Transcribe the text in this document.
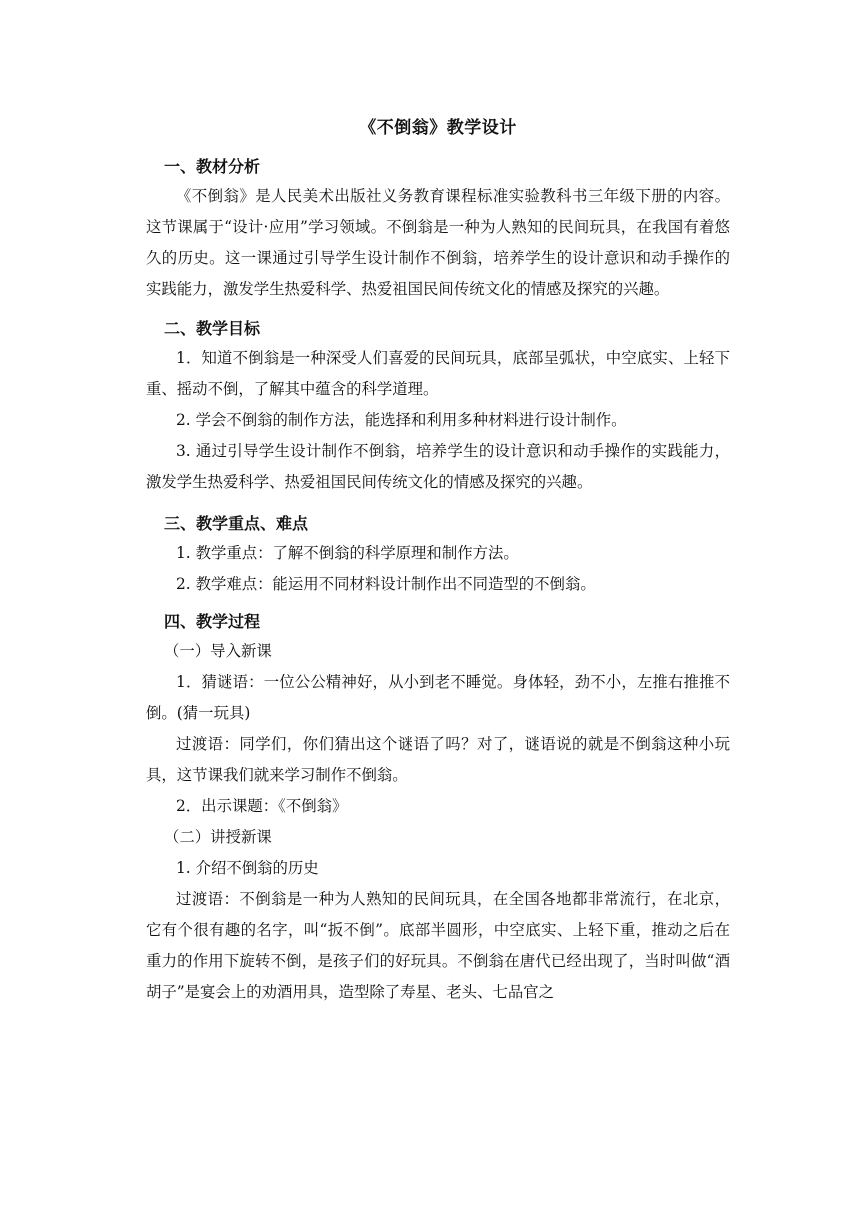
《不倒翁》教学设计
一、教材分析

《不倒翁》是人民美术出版社义务教育课程标准实验教科书三年级下册的内容。这节课属于“设计·应用”学习领域。不倒翁是一种为人熟知的民间玩具，在我国有着悠久的历史。这一课通过引导学生设计制作不倒翁，培养学生的设计意识和动手操作的实践能力，激发学生热爱科学、热爱祖国民间传统文化的情感及探究的兴趣。

二、教学目标

1．知道不倒翁是一种深受人们喜爱的民间玩具，底部呈弧状，中空底实、上轻下重、摇动不倒，了解其中蕴含的科学道理。

2. 学会不倒翁的制作方法，能选择和利用多种材料进行设计制作。

3. 通过引导学生设计制作不倒翁，培养学生的设计意识和动手操作的实践能力，激发学生热爱科学、热爱祖国民间传统文化的情感及探究的兴趣。

三、教学重点、难点

1. 教学重点：了解不倒翁的科学原理和制作方法。

2. 教学难点：能运用不同材料设计制作出不同造型的不倒翁。

四、教学过程

（一）导入新课

1．猜谜语：一位公公精神好，从小到老不睡觉。身体轻，劲不小，左推右推推不倒。(猜一玩具)

过渡语：同学们，你们猜出这个谜语了吗？对了，谜语说的就是不倒翁这种小玩具，这节课我们就来学习制作不倒翁。

2．出示课题：《不倒翁》

（二）讲授新课

1. 介绍不倒翁的历史

过渡语：不倒翁是一种为人熟知的民间玩具，在全国各地都非常流行，在北京，它有个很有趣的名字，叫“扳不倒”。底部半圆形，中空底实、上轻下重，推动之后在重力的作用下旋转不倒，是孩子们的好玩具。不倒翁在唐代已经出现了，当时叫做“酒胡子”是宴会上的劝酒用具，造型除了寿星、老头、七品官之
